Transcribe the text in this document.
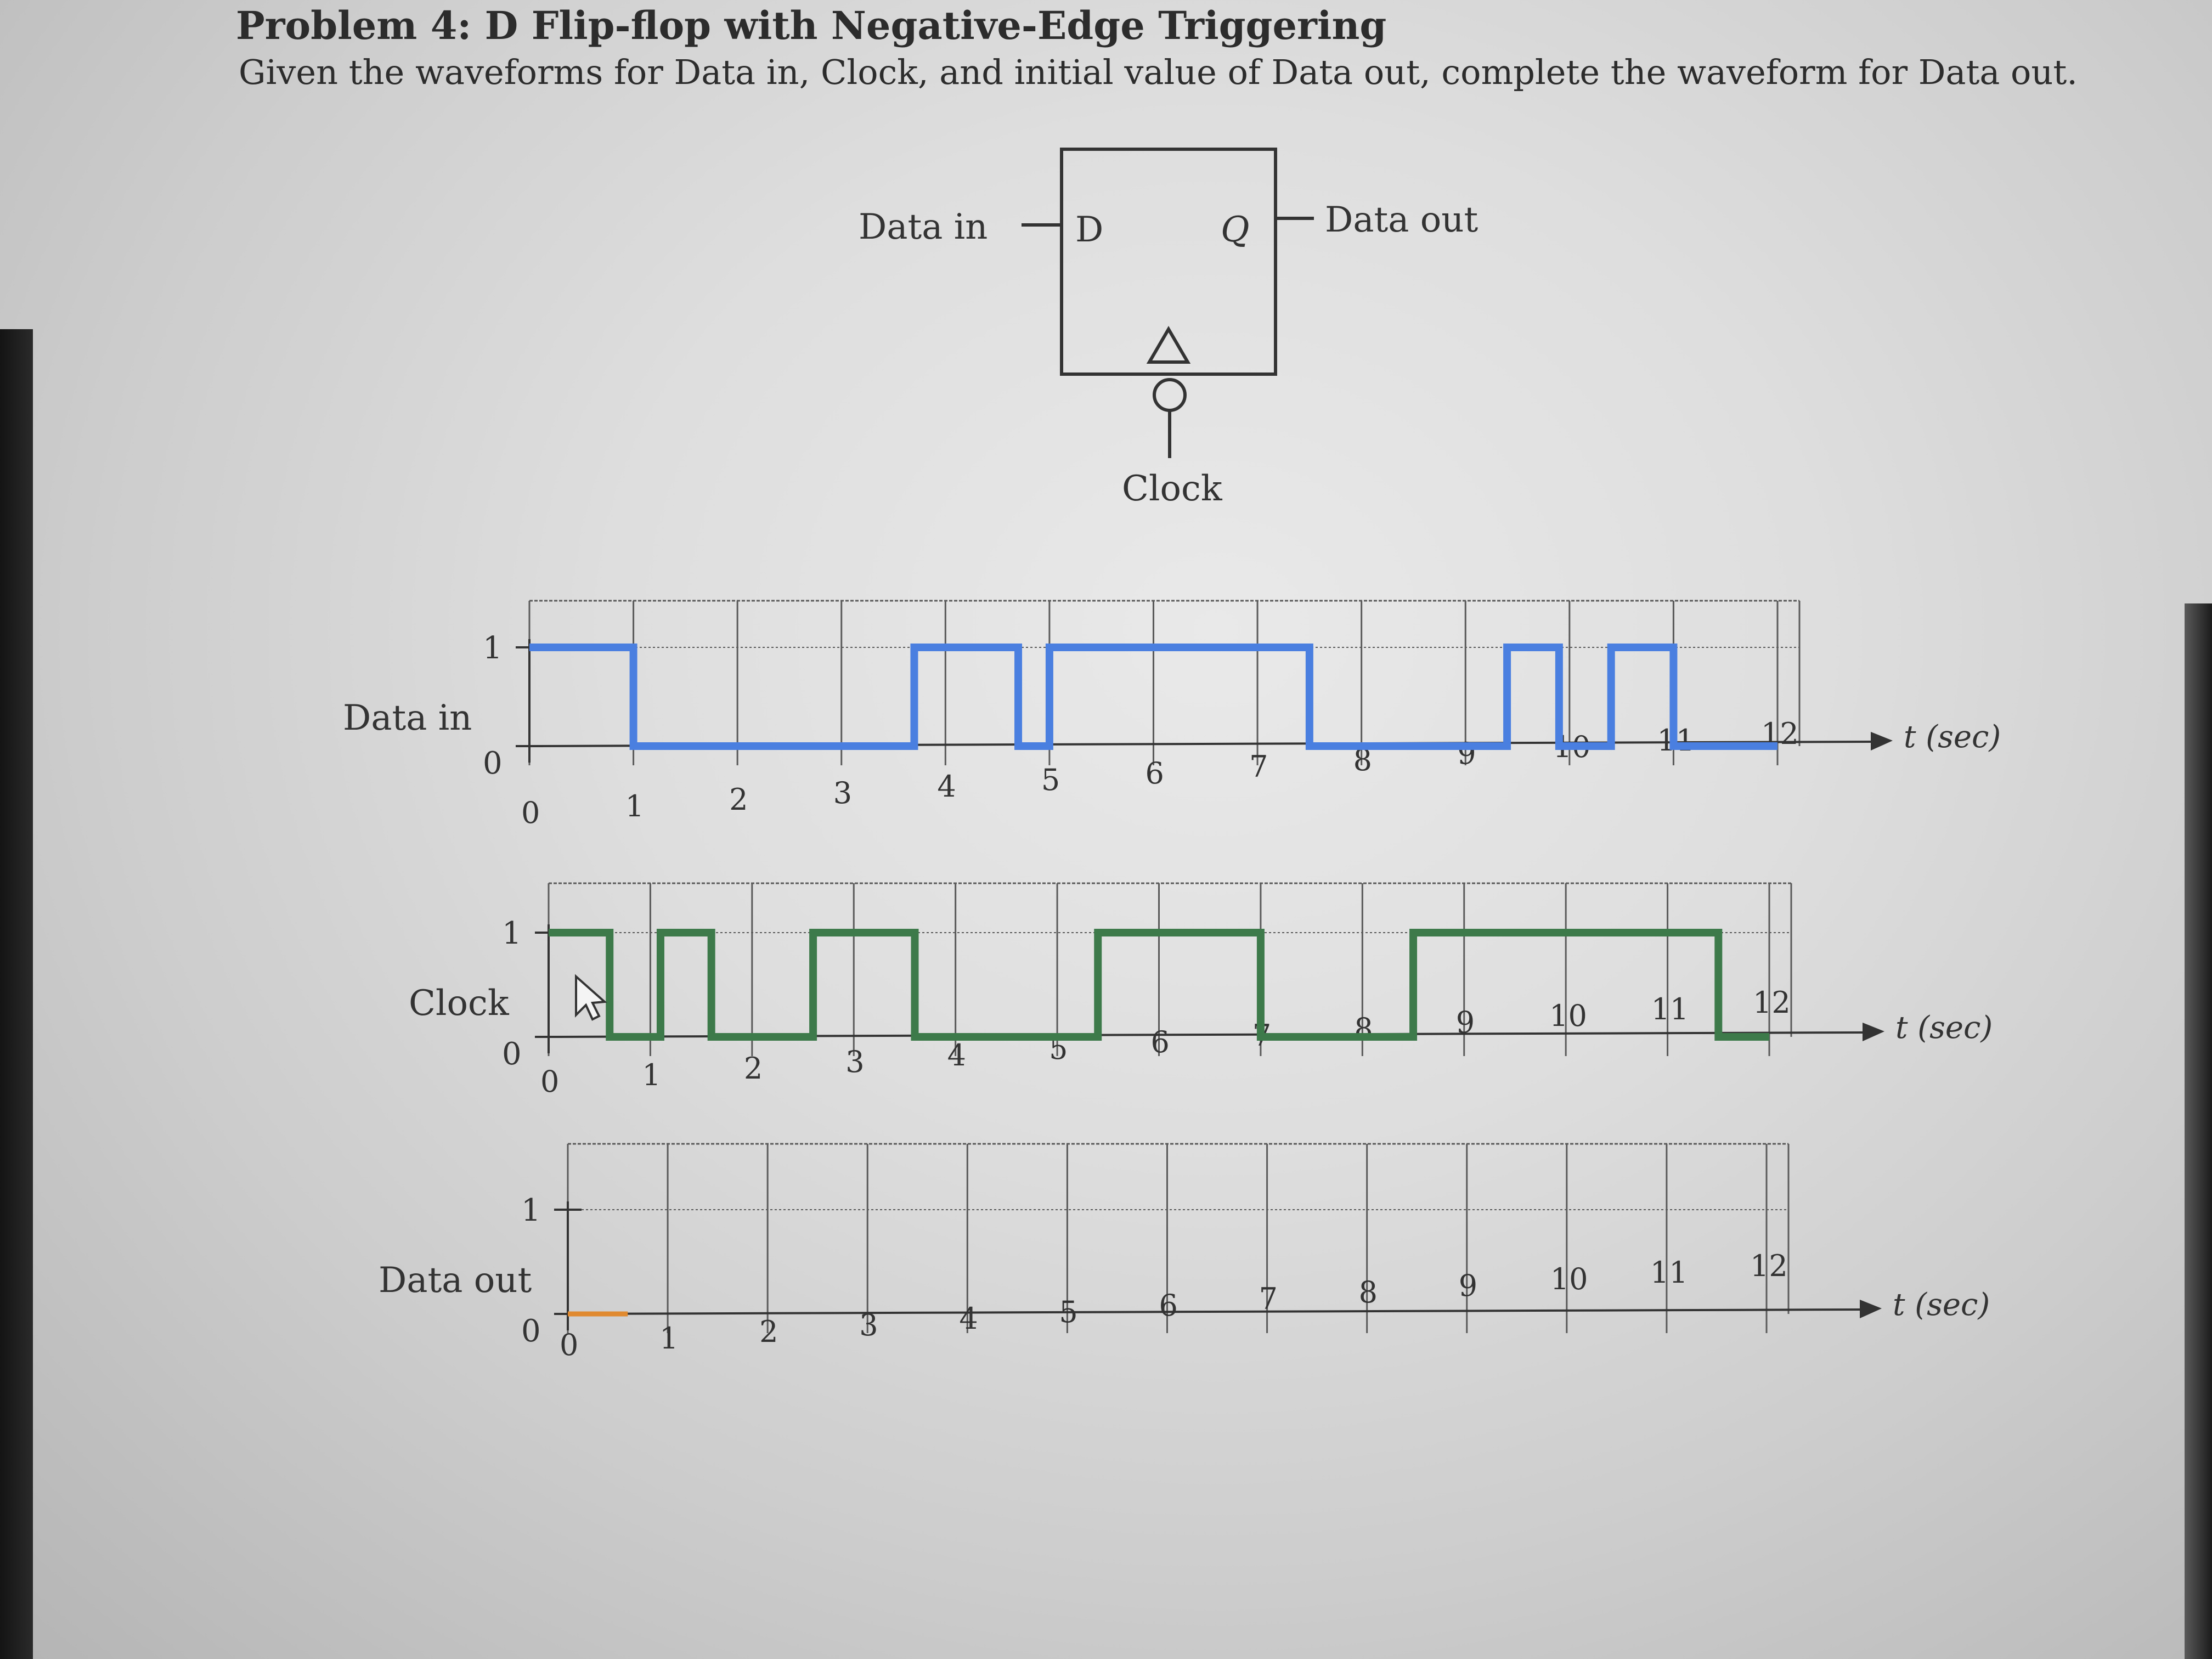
Problem 4: D Flip-flop with Negative-Edge Triggering
Given the waveforms for Data in, Clock, and initial value of Data out, complete the waveform for Data out.
D	Q
Data in	Data out
Clock
t (sec)
Data in
1
0
0	1	2	3	4	5	6	7	8	9	10 11 12
t (sec)
Clock
1
0
0	1	2	3	4	5	6	7	8	9	10 11 12
t (sec)
Data out
1
0 0	1	2	3	4	5	6	7	8	9 10 11 12
